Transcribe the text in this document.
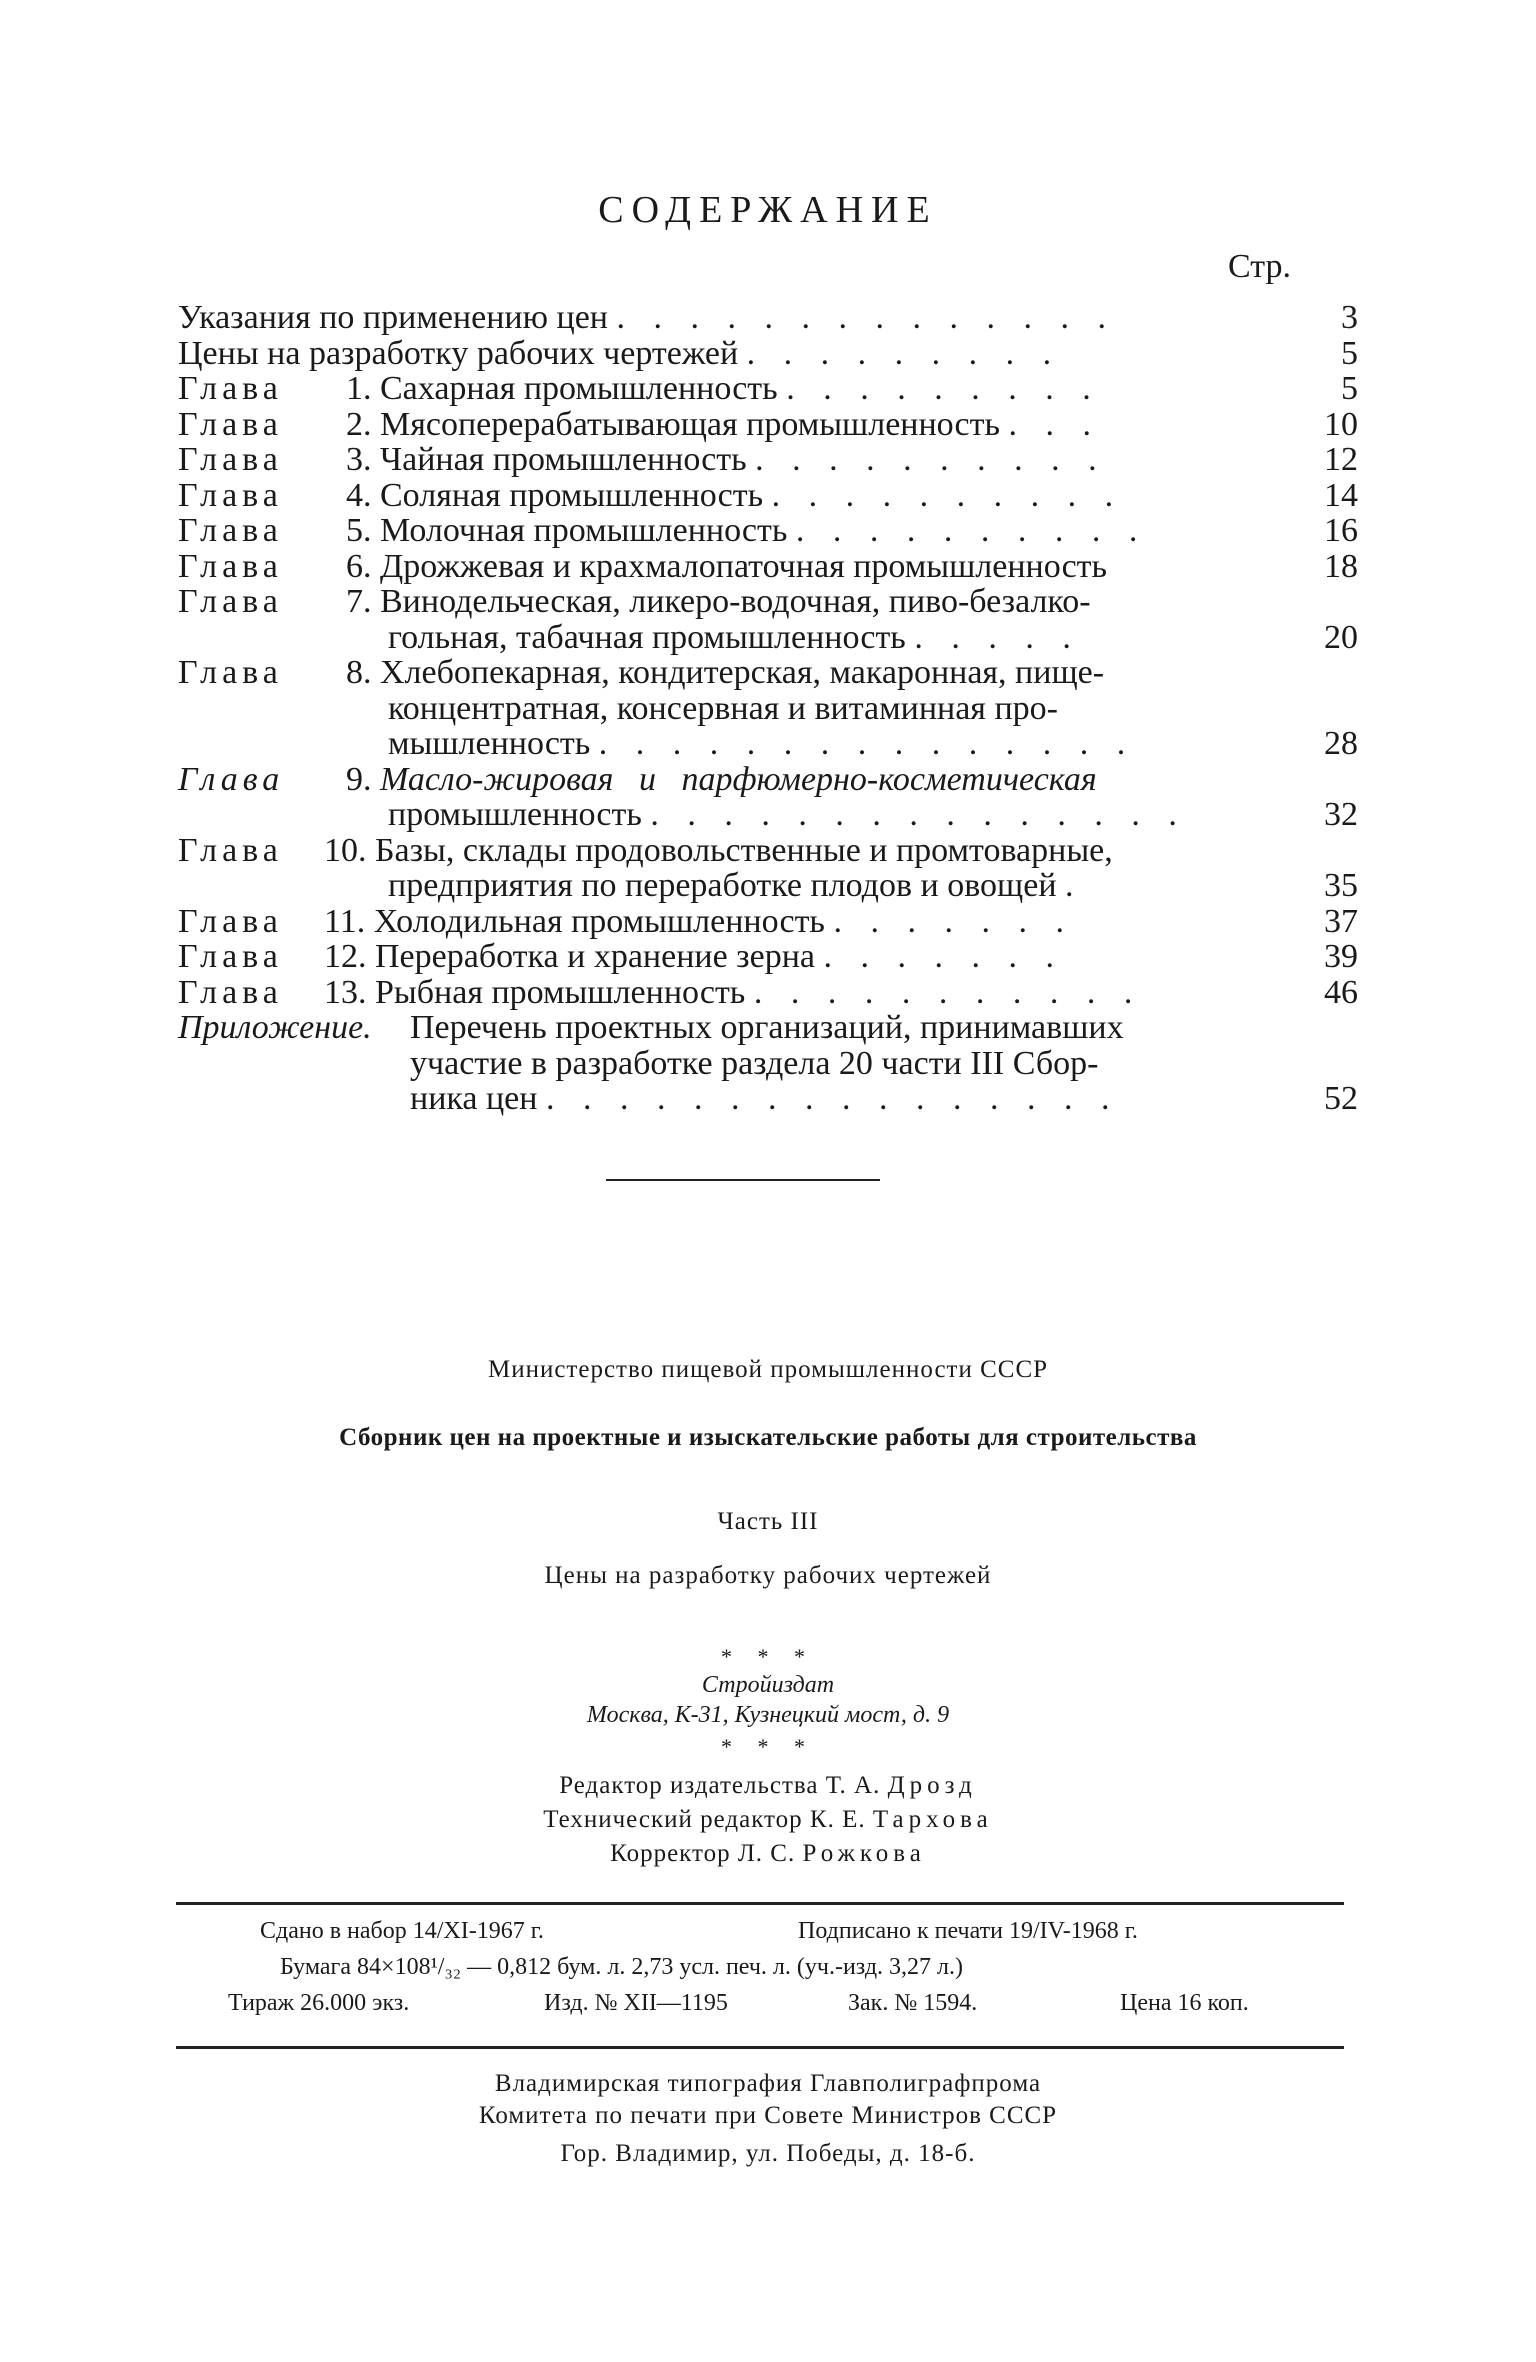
СОДЕРЖАНИЕ
Стр.
Указания по применению цен . . . . . . . . . . . . . .	3
Цены на разработку рабочих чертежей . . . . . . . . .	5
Глава 1. Сахарная промышленность . . . . . . . . .	5
Глава 2. Мясоперерабатывающая промышленность . . .	10
Глава 3. Чайная промышленность . . . . . . . . . .	12
Глава 4. Соляная промышленность . . . . . . . . . .	14
Глава 5. Молочная промышленность . . . . . . . . . .	16
Глава 6. Дрожжевая и крахмалопаточная промышленность	18
Глава 7. Винодельческая, ликеро-водочная, пиво-безалко-
гольная, табачная промышленность . . . . .	20
Глава 8. Хлебопекарная, кондитерская, макаронная, пище-
концентратная, консервная и витаминная про-
мышленность . . . . . . . . . . . . . . .	28
Глава 9. Масло-жировая   и   парфюмерно-косметическая
промышленность . . . . . . . . . . . . . . .	32
Глава 10. Базы, склады продовольственные и промтоварные,
предприятия по переработке плодов и овощей .	35
Глава 11. Холодильная промышленность . . . . . . .	37
Глава 12. Переработка и хранение зерна . . . . . . .	39
Глава 13. Рыбная промышленность . . . . . . . . . . .	46
Приложение. Перечень проектных организаций, принимавших
участие в разработке раздела 20 части III Сбор-
ника цен . . . . . . . . . . . . . . . .	52
Министерство пищевой промышленности СССР
Сборник цен на проектные и изыскательские работы для строительства
Часть III
Цены на разработку рабочих чертежей
* * *
Стройиздат
Москва, К-31, Кузнецкий мост, д. 9
* * *
Редактор издательства Т. А. Дрозд
Технический редактор К. Е. Тархова
Корректор Л. С. Рожкова
Сдано в набор 14/XI-1967 г.	Подписано к печати 19/IV-1968 г.
Бумага 84×108¹/₃₂ — 0,812 бум. л. 2,73 усл. печ. л. (уч.-изд. 3,27 л.)
Тираж 26.000 экз.	Изд. № XII—1195	Зак. № 1594.	Цена 16 коп.
Владимирская типография Главполиграфпрома
Комитета по печати при Совете Министров СССР
Гор. Владимир, ул. Победы, д. 18-б.
